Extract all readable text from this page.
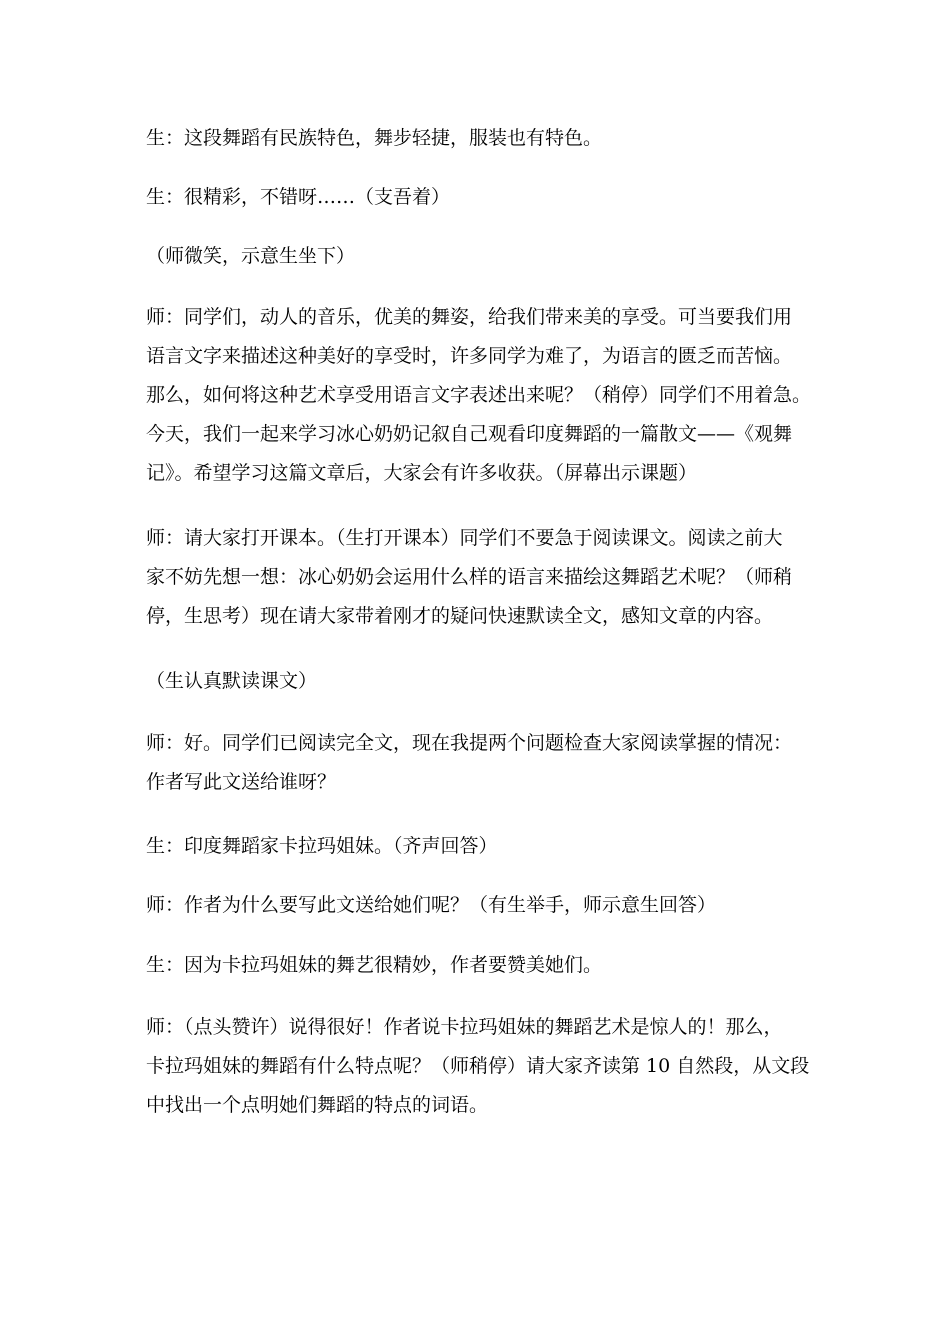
生：这段舞蹈有民族特色，舞步轻捷，服装也有特色。

生：很精彩，不错呀……（支吾着）

（师微笑，示意生坐下）

师：同学们，动人的音乐，优美的舞姿，给我们带来美的享受。可当要我们用
语言文字来描述这种美好的享受时，许多同学为难了，为语言的匮乏而苦恼。
那么，如何将这种艺术享受用语言文字表述出来呢？（稍停）同学们不用着急。
今天，我们一起来学习冰心奶奶记叙自己观看印度舞蹈的一篇散文——《观舞
记》。希望学习这篇文章后，大家会有许多收获。（屏幕出示课题）

师：请大家打开课本。（生打开课本）同学们不要急于阅读课文。阅读之前大
家不妨先想一想：冰心奶奶会运用什么样的语言来描绘这舞蹈艺术呢？（师稍
停，生思考）现在请大家带着刚才的疑问快速默读全文，感知文章的内容。

（生认真默读课文）

师：好。同学们已阅读完全文，现在我提两个问题检查大家阅读掌握的情况：
作者写此文送给谁呀？

生：印度舞蹈家卡拉玛姐妹。（齐声回答）

师：作者为什么要写此文送给她们呢？（有生举手，师示意生回答）

生：因为卡拉玛姐妹的舞艺很精妙，作者要赞美她们。

师：（点头赞许）说得很好！作者说卡拉玛姐妹的舞蹈艺术是惊人的！那么，
卡拉玛姐妹的舞蹈有什么特点呢？（师稍停）请大家齐读第 10 自然段，从文段
中找出一个点明她们舞蹈的特点的词语。
